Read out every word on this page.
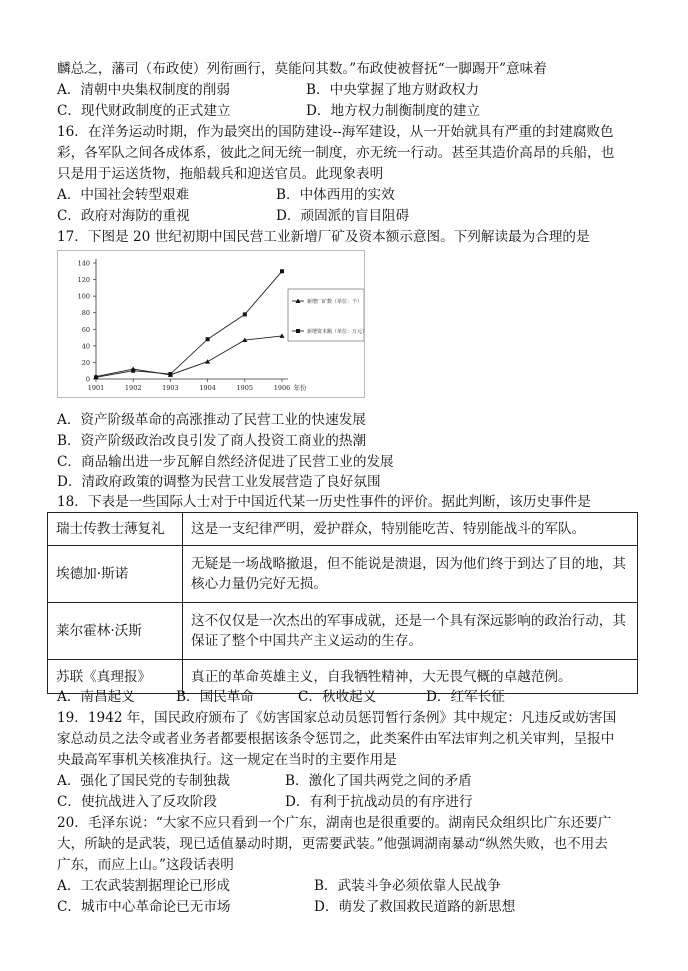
麟总之，藩司（布政使）列衔画行，莫能问其数。”布政使被督抚“一脚踢开”意味着
A．清朝中央集权制度的削弱	B．中央掌握了地方财政权力
C．现代财政制度的正式建立	D．地方权力制衡制度的建立
16．在洋务运动时期，作为最突出的国防建设--海军建设，从一开始就具有严重的封建腐败色
彩，各军队之间各成体系，彼此之间无统一制度，亦无统一行动。甚至其造价高昂的兵船，也
只是用于运送货物，拖船载兵和迎送官员。此现象表明
A．中国社会转型艰难	B．中体西用的实效
C．政府对海防的重视	D．顽固派的盲目阻碍
17．下图是 20 世纪初期中国民营工业新增厂矿及资本额示意图。下列解读最为合理的是
0
20
40
60
80
100
120
140
1901	1902	1903	1904	1905	1906 年份
新增厂矿数（单位：个）
新增资本额（单位：万元）
A．资产阶级革命的高涨推动了民营工业的快速发展
B．资产阶级政治改良引发了商人投资工商业的热潮
C．商品输出进一步瓦解自然经济促进了民营工业的发展
D．清政府政策的调整为民营工业发展营造了良好氛围
18．下表是一些国际人士对于中国近代某一历史性事件的评价。据此判断，该历史事件是
瑞士传教士薄复礼	这是一支纪律严明，爱护群众，特别能吃苦、特别能战斗的军队。
埃德加·斯诺	无疑是一场战略撤退，但不能说是溃退，因为他们终于到达了目的地，其
核心力量仍完好无损。
莱尔霍林·沃斯	这不仅仅是一次杰出的军事成就，还是一个具有深远影响的政治行动，其
保证了整个中国共产主义运动的生存。
苏联《真理报》	真正的革命英雄主义，自我牺牲精神，大无畏气概的卓越范例。
A．南昌起义	B．国民革命	C．秋收起义	D．红军长征
19．1942 年，国民政府颁布了《妨害国家总动员惩罚暂行条例》其中规定：凡违反或妨害国
家总动员之法令或者业务者都要根据该条令惩罚之，此类案件由军法审判之机关审判，呈报中
央最高军事机关核准执行。这一规定在当时的主要作用是
A．强化了国民党的专制独裁	B．激化了国共两党之间的矛盾
C．使抗战进入了反攻阶段	D．有利于抗战动员的有序进行
20．毛泽东说：“大家不应只看到一个广东，湖南也是很重要的。湖南民众组织比广东还要广
大，所缺的是武装，现已适值暴动时期，更需要武装。”他强调湖南暴动“纵然失败，也不用去
广东，而应上山。”这段话表明
A．工农武装割据理论已形成	B．武装斗争必须依靠人民战争
C．城市中心革命论已无市场	D．萌发了救国救民道路的新思想
